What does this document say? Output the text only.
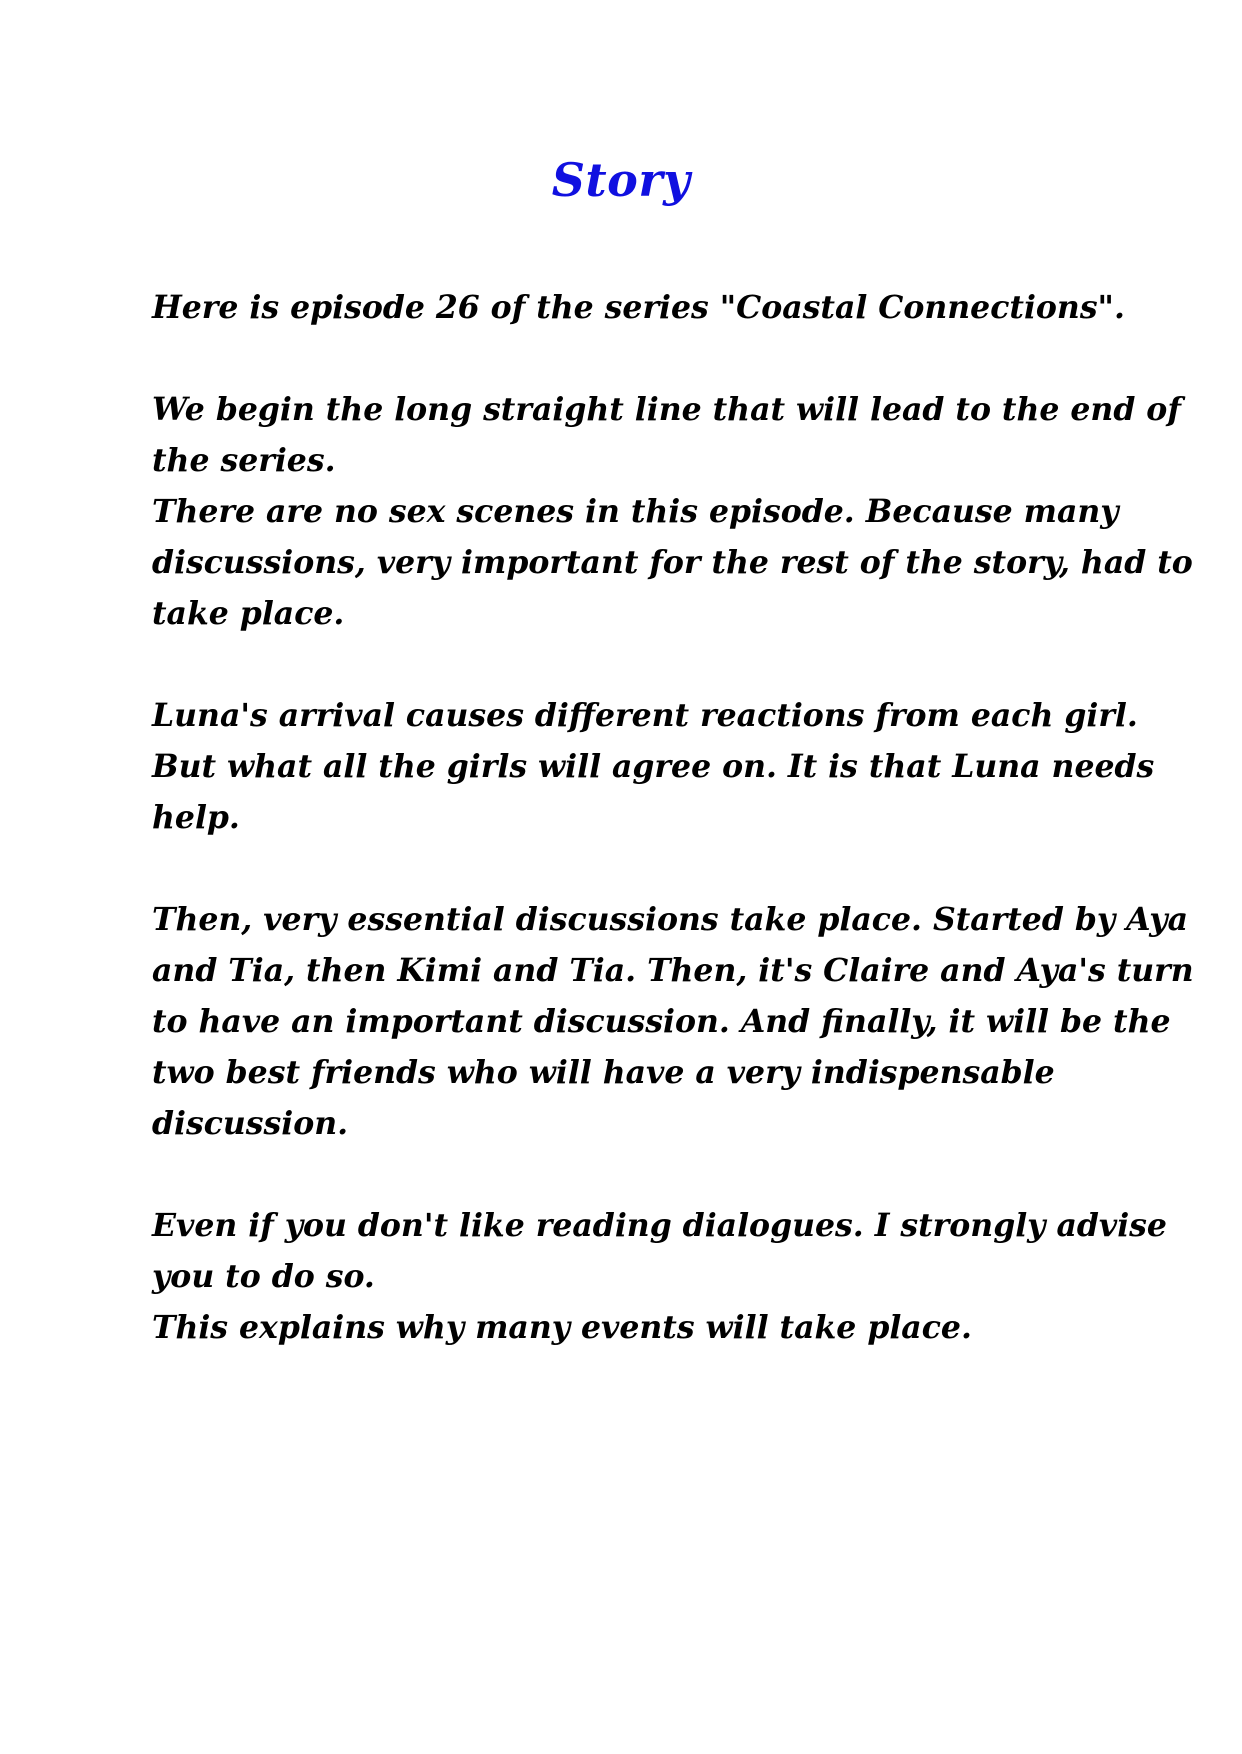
Story

Here is episode 26 of the series "Coastal Connections".

We begin the long straight line that will lead to the end of
the series.
There are no sex scenes in this episode. Because many
discussions, very important for the rest of the story, had to
take place.

Luna's arrival causes different reactions from each girl.
But what all the girls will agree on. It is that Luna needs
help.

Then, very essential discussions take place. Started by Aya
and Tia, then Kimi and Tia. Then, it's Claire and Aya's turn
to have an important discussion. And finally, it will be the
two best friends who will have a very indispensable
discussion.

Even if you don't like reading dialogues. I strongly advise
you to do so.
This explains why many events will take place.
